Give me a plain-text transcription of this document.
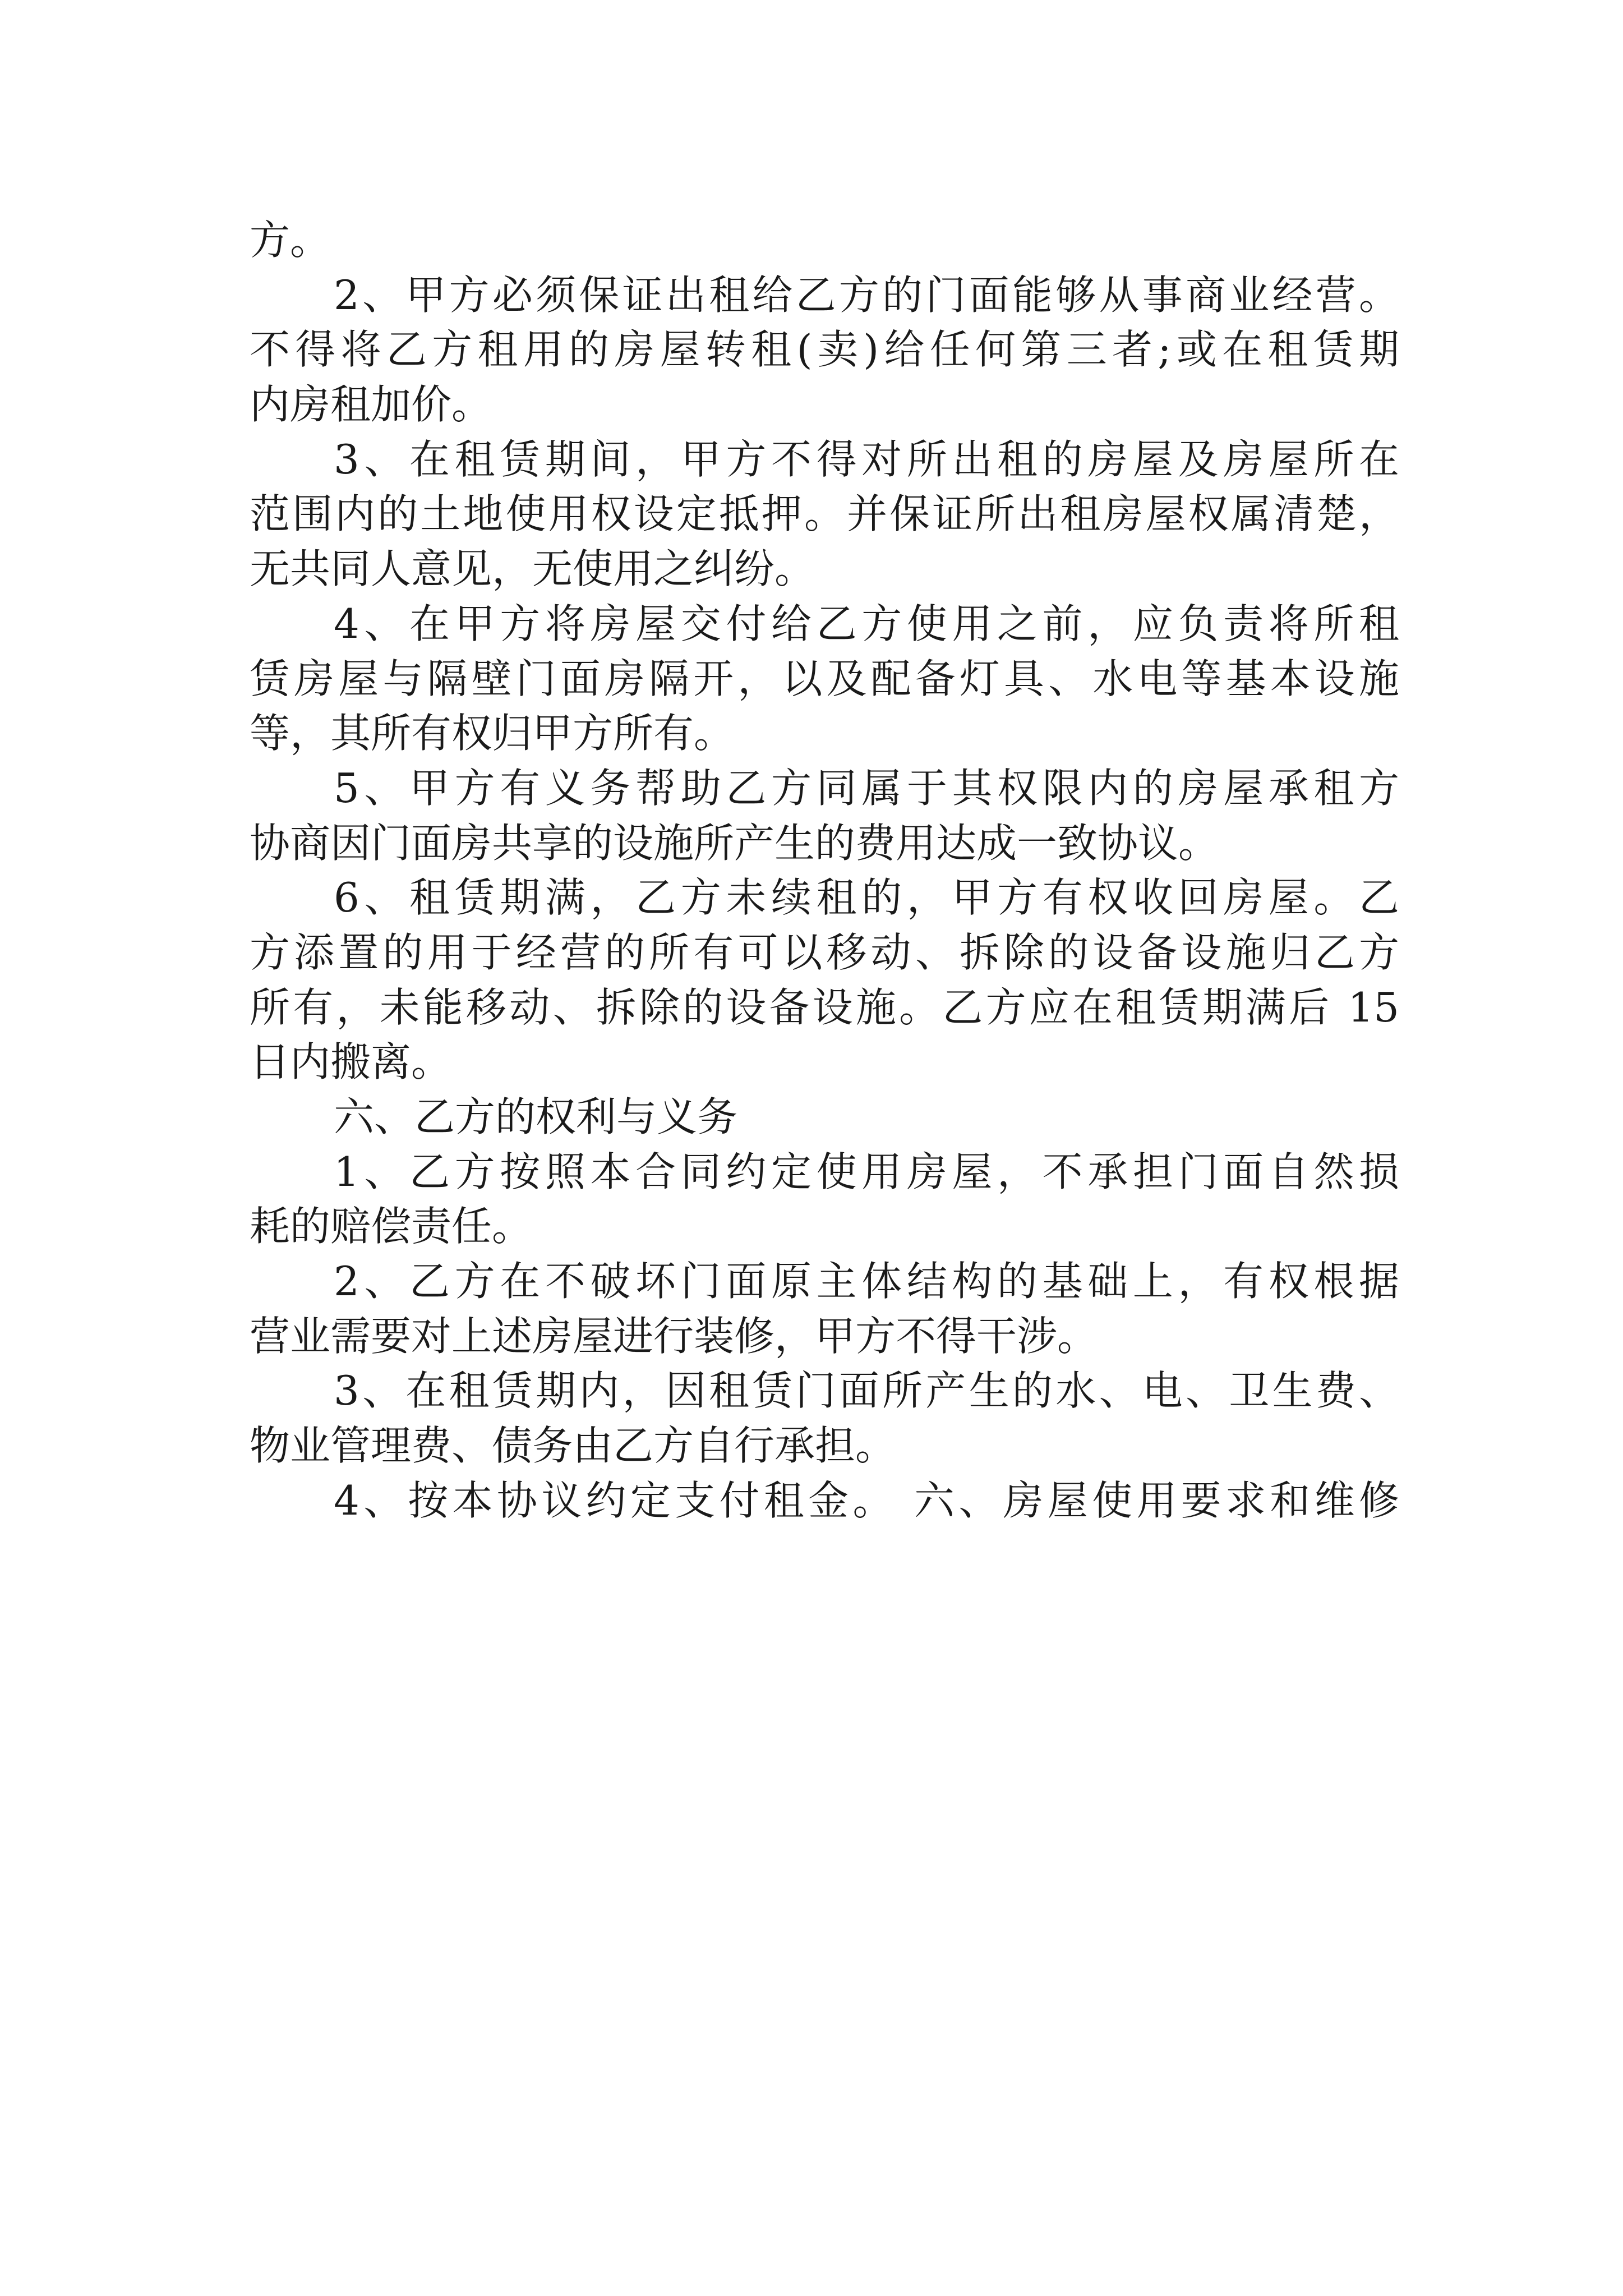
方。
2、甲方必须保证出租给乙方的门面能够从事商业经营。
不得将乙方租用的房屋转租(卖)给任何第三者;或在租赁期
内房租加价。
3、在租赁期间，甲方不得对所出租的房屋及房屋所在
范围内的土地使用权设定抵押。并保证所出租房屋权属清楚，
无共同人意见，无使用之纠纷。
4、在甲方将房屋交付给乙方使用之前，应负责将所租
赁房屋与隔壁门面房隔开，以及配备灯具、水电等基本设施
等，其所有权归甲方所有。
5、甲方有义务帮助乙方同属于其权限内的房屋承租方
协商因门面房共享的设施所产生的费用达成一致协议。
6、租赁期满，乙方未续租的，甲方有权收回房屋。乙
方添置的用于经营的所有可以移动、拆除的设备设施归乙方
所有，未能移动、拆除的设备设施。乙方应在租赁期满后 15
日内搬离。
六、乙方的权利与义务
1、乙方按照本合同约定使用房屋，不承担门面自然损
耗的赔偿责任。
2、乙方在不破坏门面原主体结构的基础上，有权根据
营业需要对上述房屋进行装修，甲方不得干涉。
3、在租赁期内，因租赁门面所产生的水、电、卫生费、
物业管理费、债务由乙方自行承担。
4、按本协议约定支付租金。 六、房屋使用要求和维修
